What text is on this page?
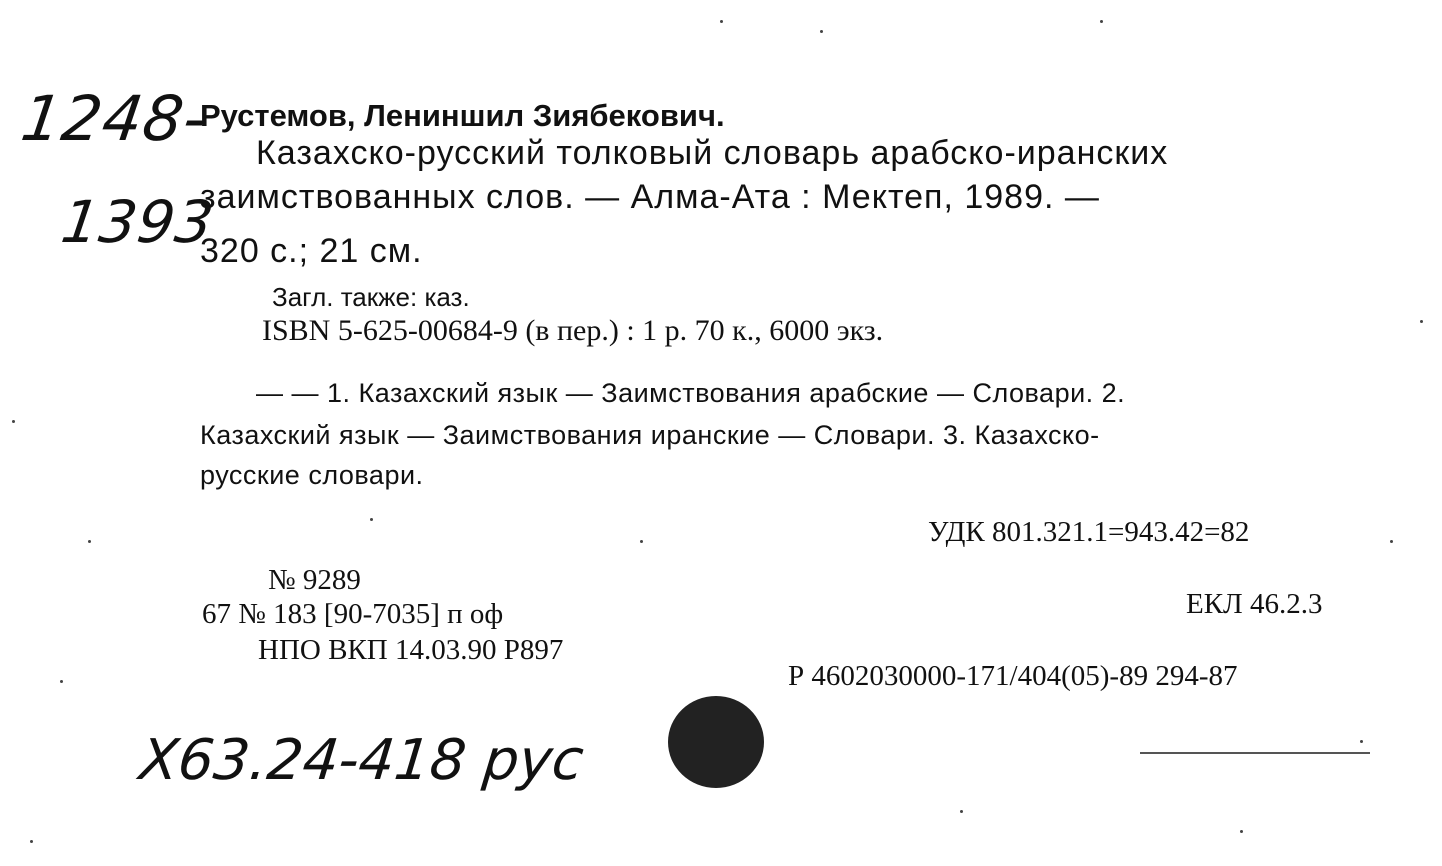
1248-
1393
Рустемов, Лениншил Зиябекович.
Казахско-русский толковый словарь арабско-иранских
заимствованных слов. — Алма-Ата : Мектеп, 1989. —
320 с.; 21 см.
Загл. также: каз.
ISBN 5-625-00684-9 (в пер.) : 1 р. 70 к., 6000 экз.
— — 1. Казахский язык — Заимствования арабские — Словари. 2.
Казахский язык — Заимствования иранские — Словари. 3. Казахско-
русские словари.
УДК 801.321.1=943.42=82
№ 9289
67 № 183 [90-7035] п оф
НПО ВКП 14.03.90 Р897
ЕКЛ 46.2.3
Р 4602030000-171/404(05)-89 294-87
Х63.24-418 рус
